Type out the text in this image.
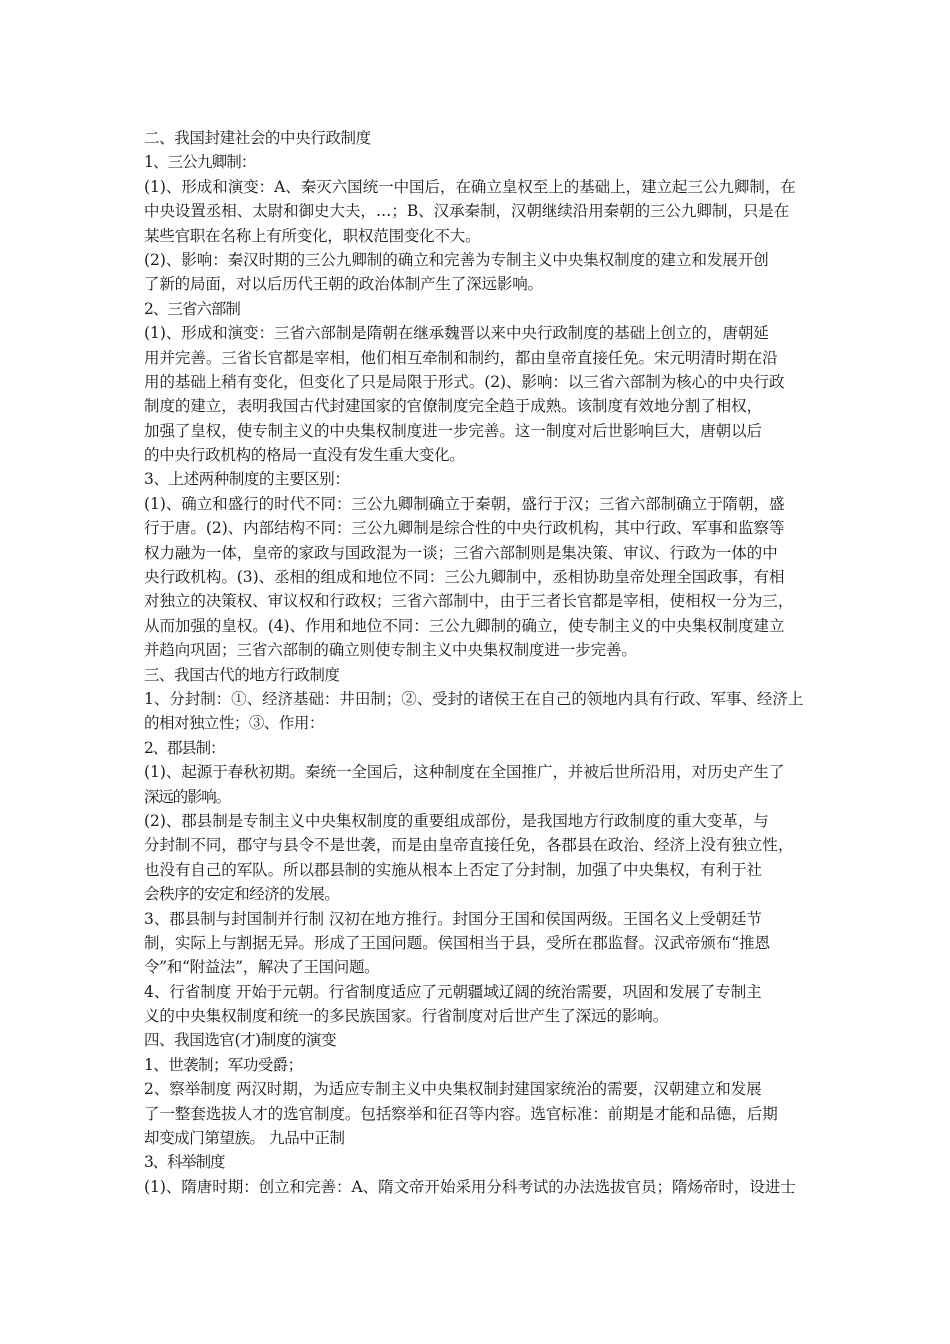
二、我国封建社会的中央行政制度
1、三公九卿制：
(1)、形成和演变：A、秦灭六国统一中国后，在确立皇权至上的基础上，建立起三公九卿制，在
中央设置丞相、太尉和御史大夫，…；B、汉承秦制，汉朝继续沿用秦朝的三公九卿制，只是在
某些官职在名称上有所变化，职权范围变化不大。
(2)、影响：秦汉时期的三公九卿制的确立和完善为专制主义中央集权制度的建立和发展开创
了新的局面，对以后历代王朝的政治体制产生了深远影响。
2、三省六部制
(1)、形成和演变：三省六部制是隋朝在继承魏晋以来中央行政制度的基础上创立的，唐朝延
用并完善。三省长官都是宰相，他们相互牵制和制约，都由皇帝直接任免。宋元明清时期在沿
用的基础上稍有变化，但变化了只是局限于形式。(2)、影响：以三省六部制为核心的中央行政
制度的建立，表明我国古代封建国家的官僚制度完全趋于成熟。该制度有效地分割了相权，
加强了皇权，使专制主义的中央集权制度进一步完善。这一制度对后世影响巨大，唐朝以后
的中央行政机构的格局一直没有发生重大变化。
3、上述两种制度的主要区别：
(1)、确立和盛行的时代不同：三公九卿制确立于秦朝，盛行于汉；三省六部制确立于隋朝，盛
行于唐。(2)、内部结构不同：三公九卿制是综合性的中央行政机构，其中行政、军事和监察等
权力融为一体，皇帝的家政与国政混为一谈；三省六部制则是集决策、审议、行政为一体的中
央行政机构。(3)、丞相的组成和地位不同：三公九卿制中，丞相协助皇帝处理全国政事，有相
对独立的决策权、审议权和行政权；三省六部制中，由于三者长官都是宰相，使相权一分为三，
从而加强的皇权。(4)、作用和地位不同：三公九卿制的确立，使专制主义的中央集权制度建立
并趋向巩固；三省六部制的确立则使专制主义中央集权制度进一步完善。
三、我国古代的地方行政制度
1、分封制：①、经济基础：井田制；②、受封的诸侯王在自己的领地内具有行政、军事、经济上
的相对独立性；③、作用：
2、郡县制：
(1)、起源于春秋初期。秦统一全国后，这种制度在全国推广，并被后世所沿用，对历史产生了
深远的影响。
(2)、郡县制是专制主义中央集权制度的重要组成部份，是我国地方行政制度的重大变革，与
分封制不同，郡守与县令不是世袭，而是由皇帝直接任免，各郡县在政治、经济上没有独立性，
也没有自己的军队。所以郡县制的实施从根本上否定了分封制，加强了中央集权，有利于社
会秩序的安定和经济的发展。
3、郡县制与封国制并行制 汉初在地方推行。封国分王国和侯国两级。王国名义上受朝廷节
制，实际上与割据无异。形成了王国问题。侯国相当于县，受所在郡监督。汉武帝颁布“推恩
令”和“附益法”，解决了王国问题。
4、行省制度 开始于元朝。行省制度适应了元朝疆域辽阔的统治需要，巩固和发展了专制主
义的中央集权制度和统一的多民族国家。行省制度对后世产生了深远的影响。
四、我国选官(才)制度的演变
1、世袭制；军功受爵；
2、察举制度 两汉时期，为适应专制主义中央集权制封建国家统治的需要，汉朝建立和发展
了一整套选拔人才的选官制度。包括察举和征召等内容。选官标准：前期是才能和品德，后期
却变成门第望族。 九品中正制
3、科举制度
(1)、隋唐时期：创立和完善：A、隋文帝开始采用分科考试的办法选拔官员；隋炀帝时，设进士
